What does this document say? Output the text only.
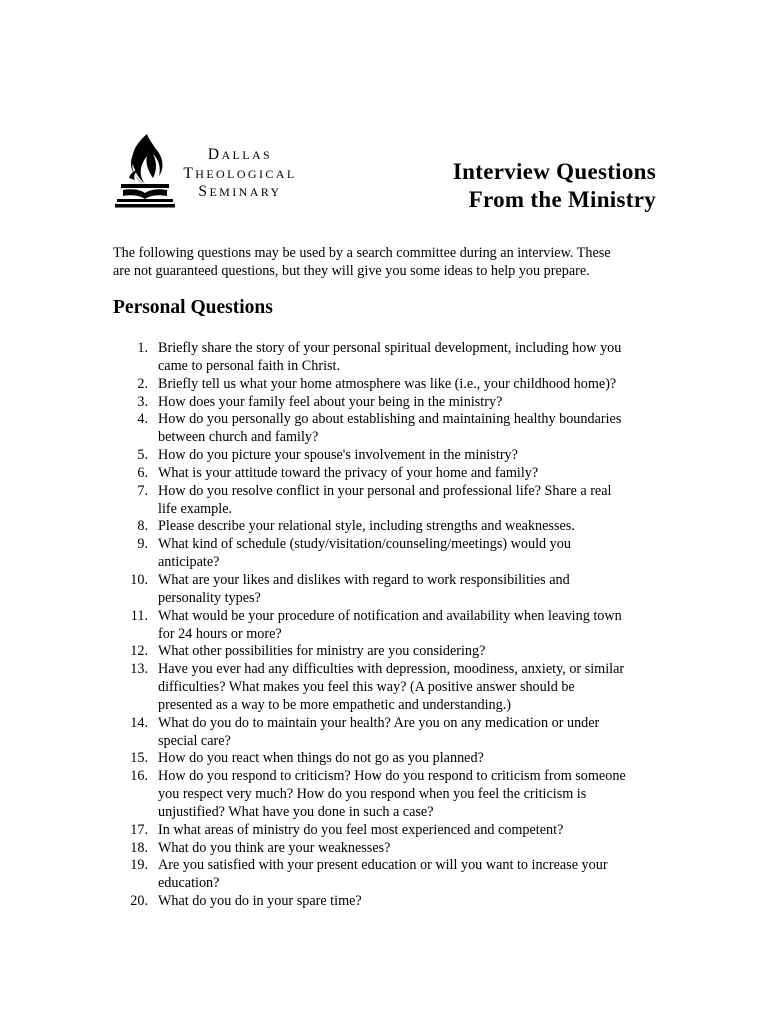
DALLAS
THEOLOGICAL
SEMINARY
Interview Questions
From the Ministry
The following questions may be used by a search committee during an interview. These
are not guaranteed questions, but they will give you some ideas to help you prepare.
Personal Questions
1. Briefly share the story of your personal spiritual development, including how you
came to personal faith in Christ.
2. Briefly tell us what your home atmosphere was like (i.e., your childhood home)?
3. How does your family feel about your being in the ministry?
4. How do you personally go about establishing and maintaining healthy boundaries
between church and family?
5. How do you picture your spouse's involvement in the ministry?
6. What is your attitude toward the privacy of your home and family?
7. How do you resolve conflict in your personal and professional life? Share a real
life example.
8. Please describe your relational style, including strengths and weaknesses.
9. What kind of schedule (study/visitation/counseling/meetings) would you
anticipate?
10. What are your likes and dislikes with regard to work responsibilities and
personality types?
11. What would be your procedure of notification and availability when leaving town
for 24 hours or more?
12. What other possibilities for ministry are you considering?
13. Have you ever had any difficulties with depression, moodiness, anxiety, or similar
difficulties? What makes you feel this way? (A positive answer should be
presented as a way to be more empathetic and understanding.)
14. What do you do to maintain your health? Are you on any medication or under
special care?
15. How do you react when things do not go as you planned?
16. How do you respond to criticism? How do you respond to criticism from someone
you respect very much? How do you respond when you feel the criticism is
unjustified? What have you done in such a case?
17. In what areas of ministry do you feel most experienced and competent?
18. What do you think are your weaknesses?
19. Are you satisfied with your present education or will you want to increase your
education?
20. What do you do in your spare time?
